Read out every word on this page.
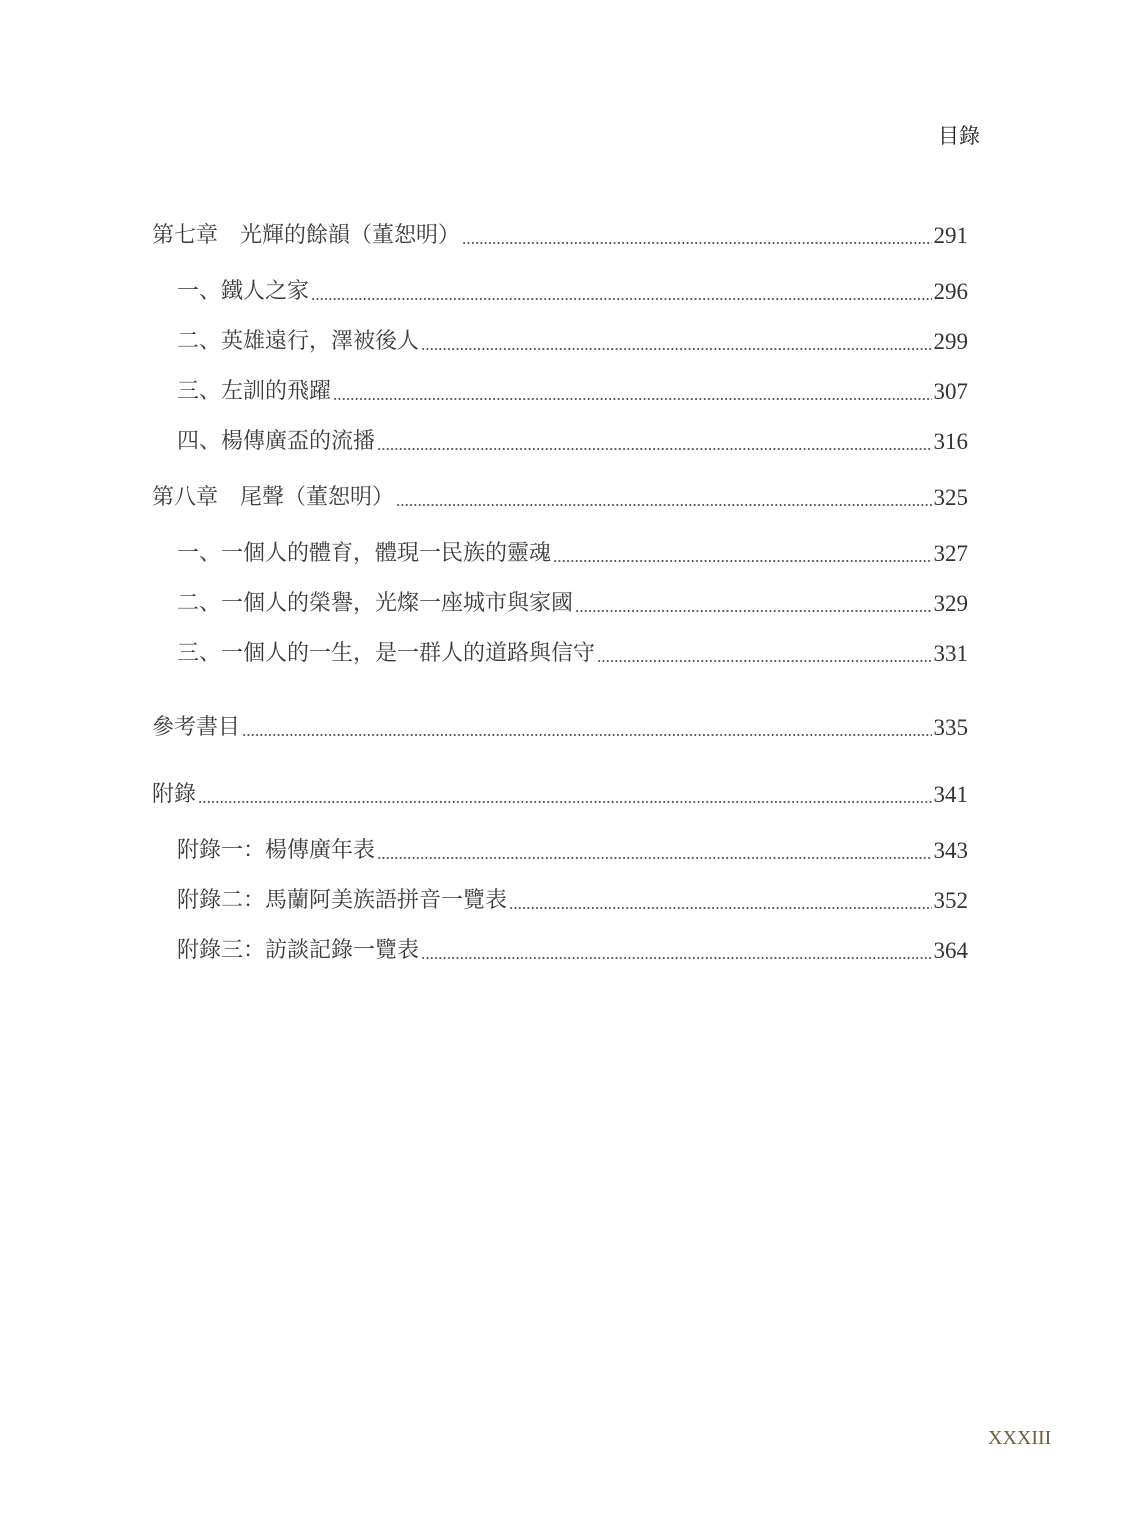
目錄
第七章　光輝的餘韻（董恕明）	291
一、鐵人之家	296
二、英雄遠行，澤被後人	299
三、左訓的飛躍	307
四、楊傳廣盃的流播	316
第八章　尾聲（董恕明）	325
一、一個人的體育，體現一民族的靈魂	327
二、一個人的榮譽，光燦一座城市與家國	329
三、一個人的一生，是一群人的道路與信守	331
參考書目	335
附錄	341
附錄一：楊傳廣年表	343
附錄二：馬蘭阿美族語拼音一覽表	352
附錄三：訪談記錄一覽表	364
XXXIII
